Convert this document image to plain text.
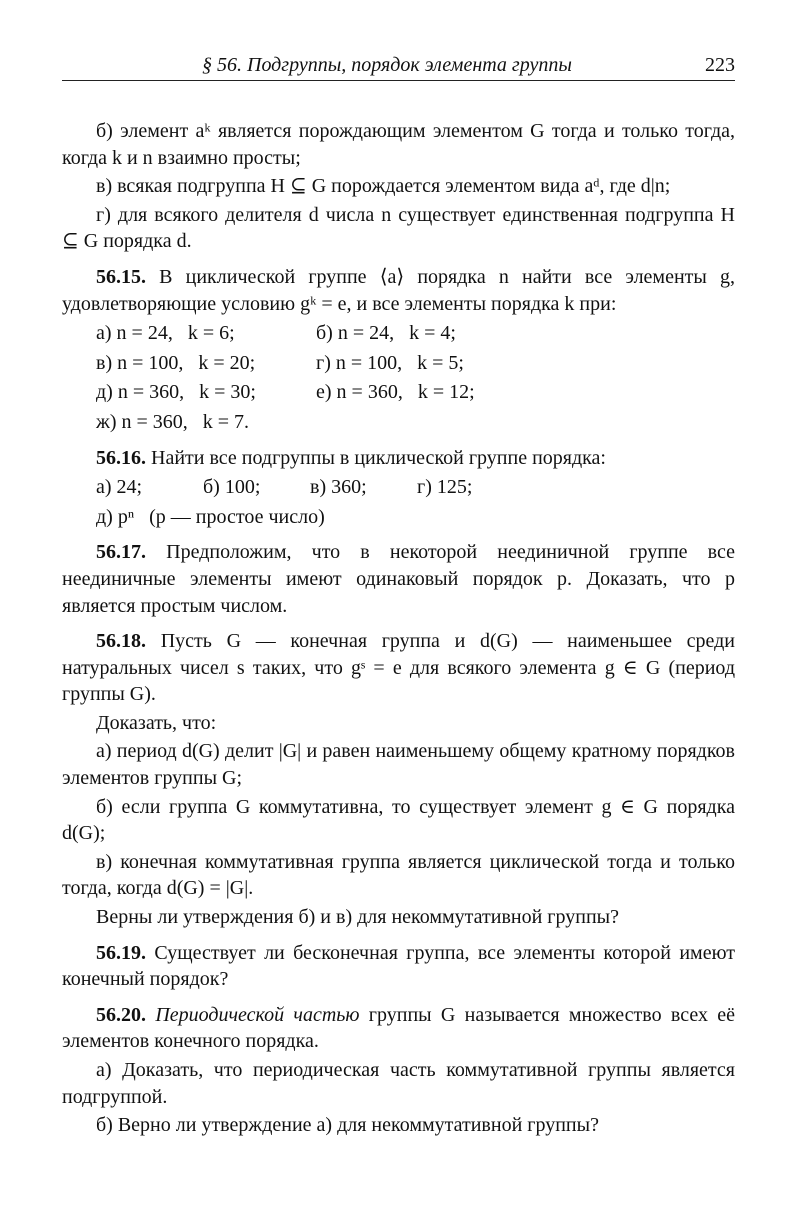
§ 56. Подгруппы, порядок элемента группы	223
б) элемент aᵏ является порождающим элементом G тогда и только тогда, когда k и n взаимно просты;
в) всякая подгруппа H ⊆ G порождается элементом вида aᵈ, где d|n;
г) для всякого делителя d числа n существует единственная подгруппа H ⊆ G порядка d.
56.15. В циклической группе ⟨a⟩ порядка n найти все элементы g, удовлетворяющие условию gᵏ = e, и все элементы порядка k при:
а) n = 24,   k = 6;	б) n = 24,   k = 4;
в) n = 100,   k = 20;	г) n = 100,   k = 5;
д) n = 360,   k = 30;	е) n = 360,   k = 12;
ж) n = 360,   k = 7.
56.16. Найти все подгруппы в циклической группе порядка:
а) 24;	б) 100;	в) 360;	г) 125;
д) pⁿ   (p — простое число)
56.17. Предположим, что в некоторой неединичной группе все неединичные элементы имеют одинаковый порядок p. Доказать, что p является простым числом.
56.18. Пусть G — конечная группа и d(G) — наименьшее среди натуральных чисел s таких, что gˢ = e для всякого элемента g ∈ G (период группы G).
Доказать, что:
а) период d(G) делит |G| и равен наименьшему общему кратному порядков элементов группы G;
б) если группа G коммутативна, то существует элемент g ∈ G порядка d(G);
в) конечная коммутативная группа является циклической тогда и только тогда, когда d(G) = |G|.
Верны ли утверждения б) и в) для некоммутативной группы?
56.19. Существует ли бесконечная группа, все элементы которой имеют конечный порядок?
56.20. Периодической частью группы G называется множество всех её элементов конечного порядка.
а) Доказать, что периодическая часть коммутативной группы является подгруппой.
б) Верно ли утверждение а) для некоммутативной группы?
